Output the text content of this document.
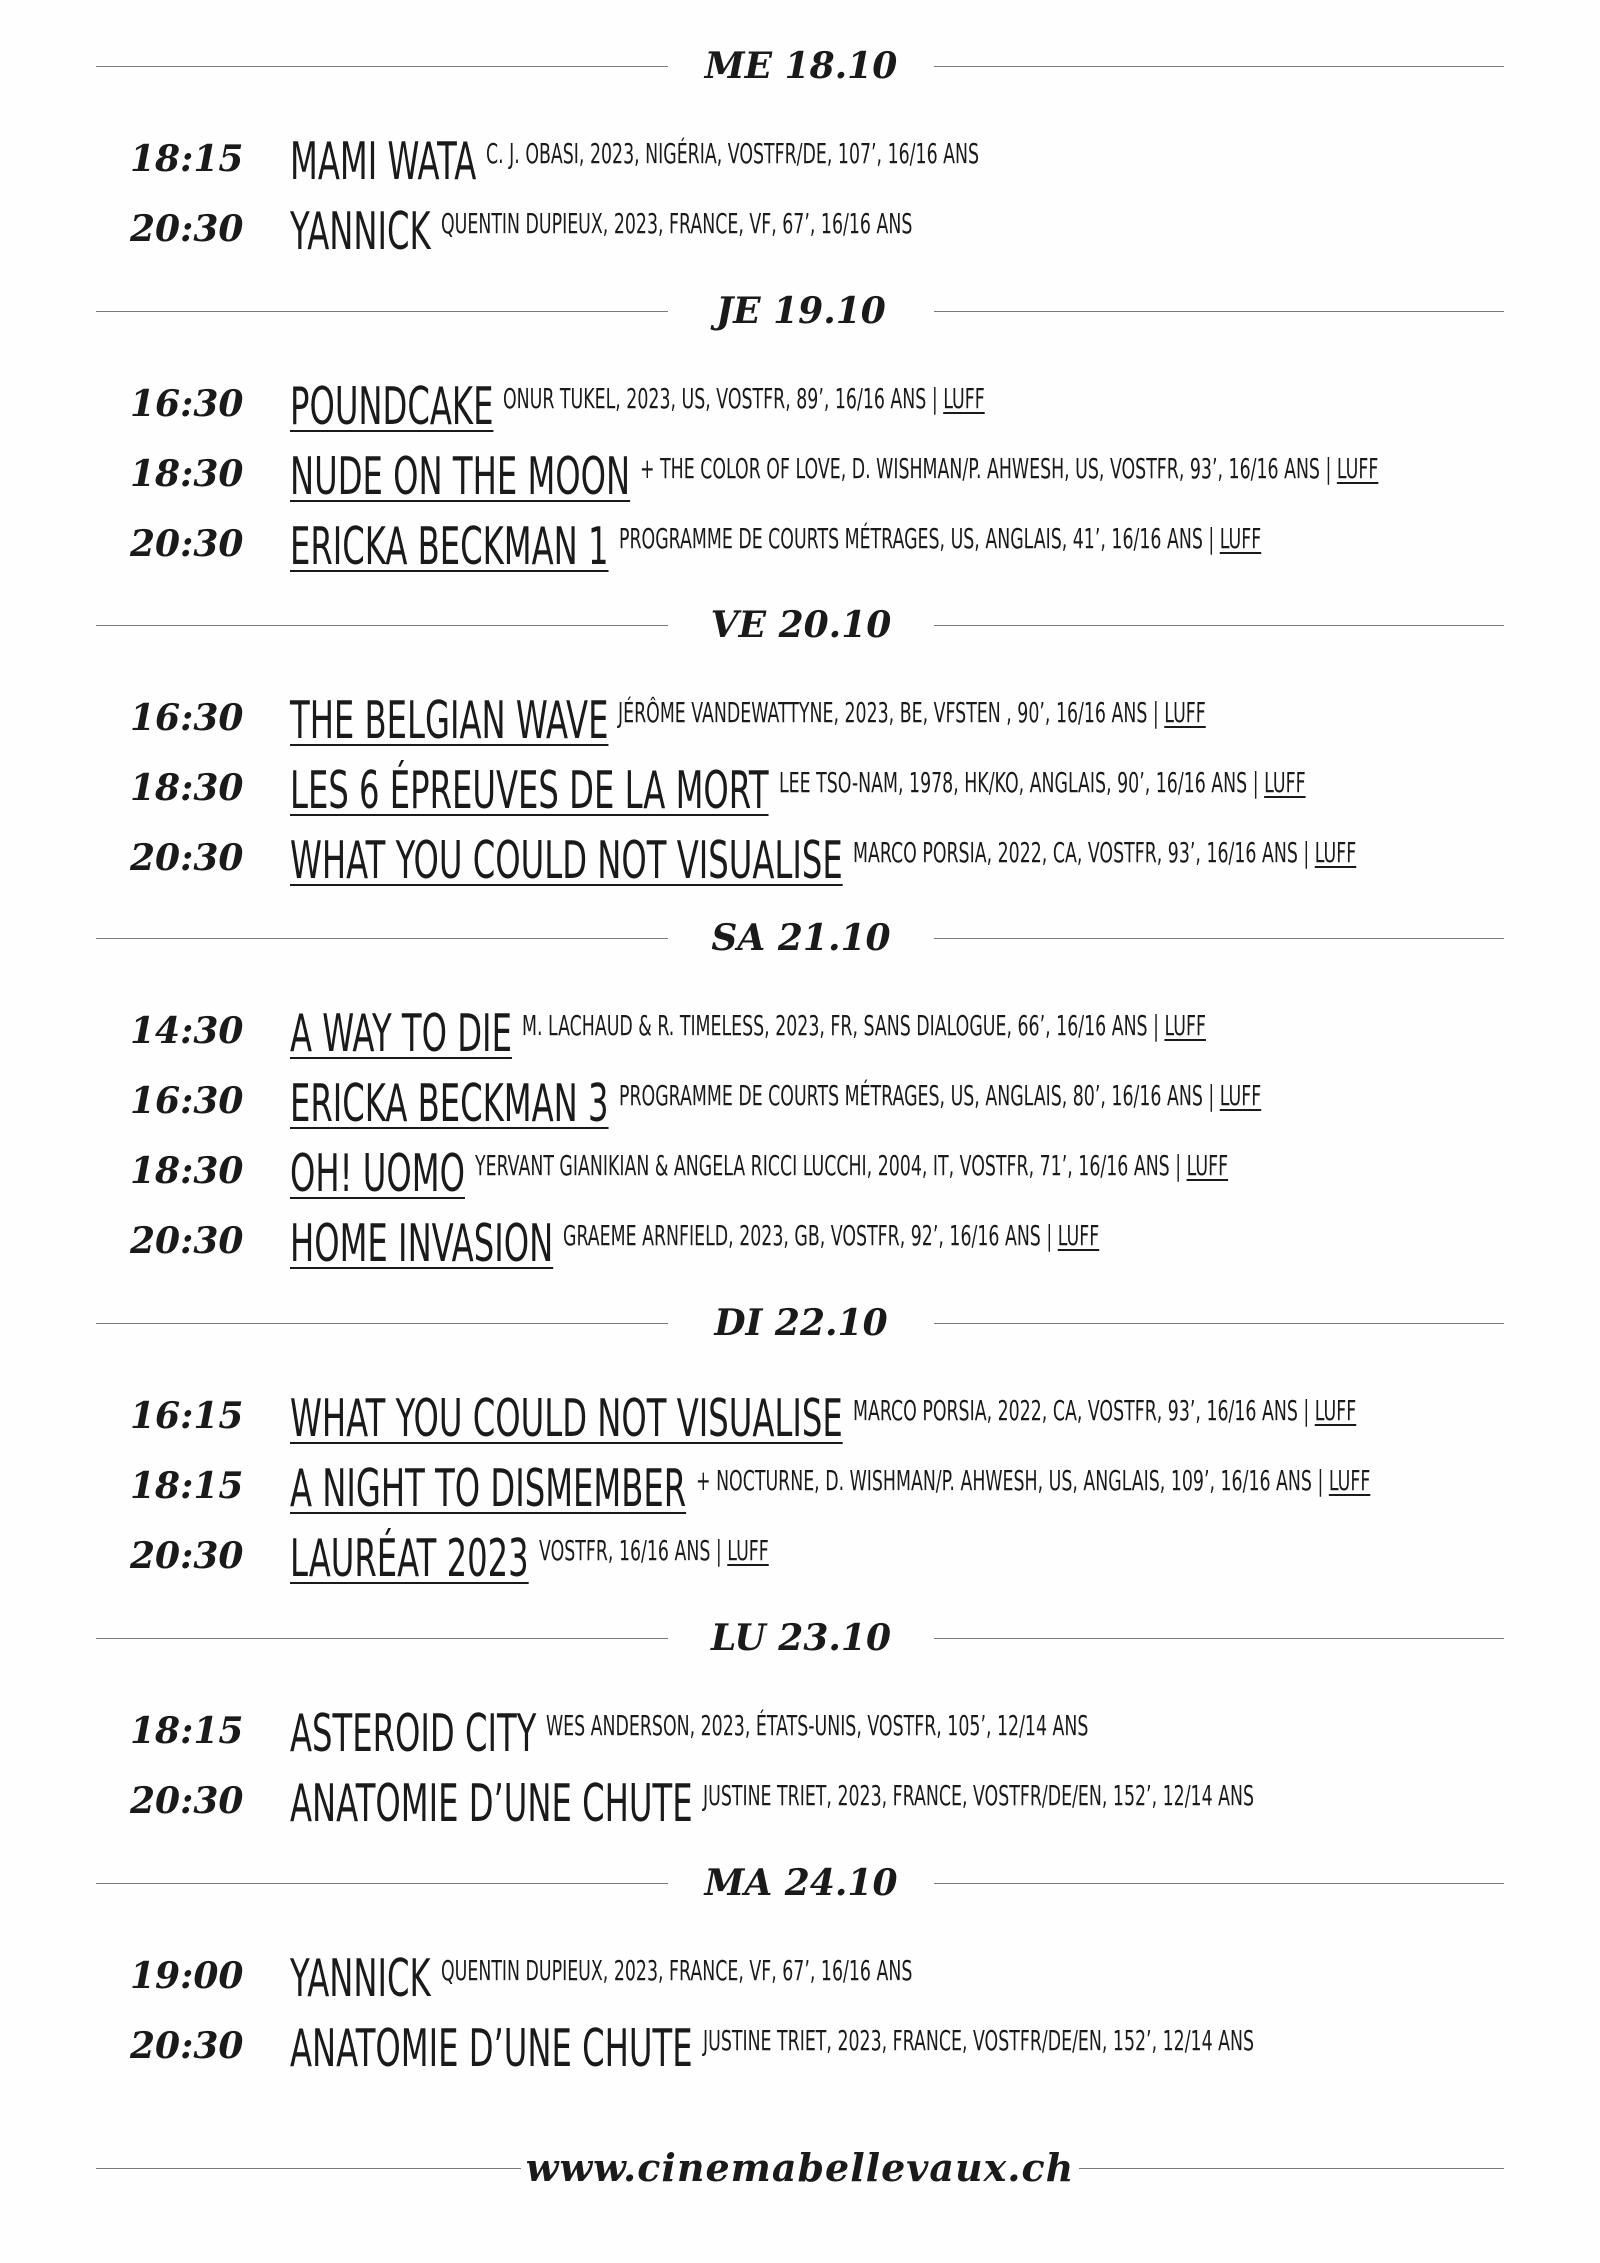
ME 18.10
18:15 MAMI WATA C. J. OBASI, 2023, NIGÉRIA, VOSTFR/DE, 107’, 16/16 ANS
20:30 YANNICK QUENTIN DUPIEUX, 2023, FRANCE, VF, 67’, 16/16 ANS
JE 19.10
16:30 POUNDCAKE ONUR TUKEL, 2023, US, VOSTFR, 89’, 16/16 ANS | LUFF
18:30 NUDE ON THE MOON + THE COLOR OF LOVE, D. WISHMAN/P. AHWESH, US, VOSTFR, 93’, 16/16 ANS | LUFF
20:30 ERICKA BECKMAN 1 PROGRAMME DE COURTS MÉTRAGES, US, ANGLAIS, 41’, 16/16 ANS | LUFF
VE 20.10
16:30 THE BELGIAN WAVE JÉRÔME VANDEWATTYNE, 2023, BE, VFSTEN , 90’, 16/16 ANS | LUFF
18:30 LES 6 ÉPREUVES DE LA MORT LEE TSO-NAM, 1978, HK/KO, ANGLAIS, 90’, 16/16 ANS | LUFF
20:30 WHAT YOU COULD NOT VISUALISE MARCO PORSIA, 2022, CA, VOSTFR, 93’, 16/16 ANS | LUFF
SA 21.10
14:30 A WAY TO DIE M. LACHAUD & R. TIMELESS, 2023, FR, SANS DIALOGUE, 66’, 16/16 ANS | LUFF
16:30 ERICKA BECKMAN 3 PROGRAMME DE COURTS MÉTRAGES, US, ANGLAIS, 80’, 16/16 ANS | LUFF
18:30 OH! UOMO YERVANT GIANIKIAN & ANGELA RICCI LUCCHI, 2004, IT, VOSTFR, 71’, 16/16 ANS | LUFF
20:30 HOME INVASION GRAEME ARNFIELD, 2023, GB, VOSTFR, 92’, 16/16 ANS | LUFF
DI 22.10
16:15 WHAT YOU COULD NOT VISUALISE MARCO PORSIA, 2022, CA, VOSTFR, 93’, 16/16 ANS | LUFF
18:15 A NIGHT TO DISMEMBER + NOCTURNE, D. WISHMAN/P. AHWESH, US, ANGLAIS, 109’, 16/16 ANS | LUFF
20:30 LAURÉAT 2023 VOSTFR, 16/16 ANS | LUFF
LU 23.10
18:15 ASTEROID CITY WES ANDERSON, 2023, ÉTATS-UNIS, VOSTFR, 105’, 12/14 ANS
20:30 ANATOMIE D’UNE CHUTE JUSTINE TRIET, 2023, FRANCE, VOSTFR/DE/EN, 152’, 12/14 ANS
MA 24.10
19:00 YANNICK QUENTIN DUPIEUX, 2023, FRANCE, VF, 67’, 16/16 ANS
20:30 ANATOMIE D’UNE CHUTE JUSTINE TRIET, 2023, FRANCE, VOSTFR/DE/EN, 152’, 12/14 ANS
www.cinemabellevaux.ch
